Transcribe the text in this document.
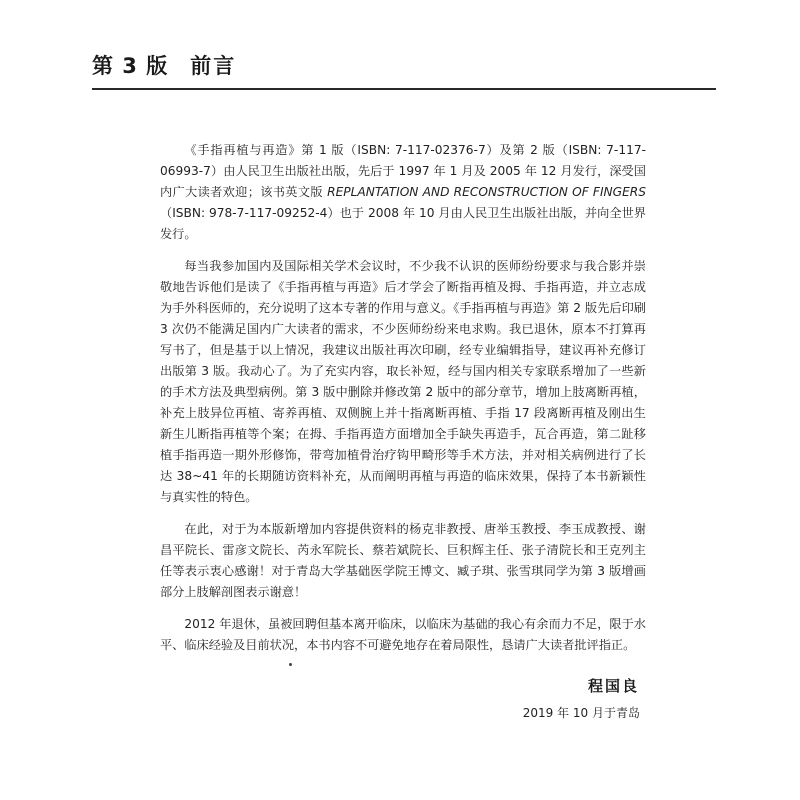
第 3 版 前言

《手指再植与再造》第 1 版（ISBN: 7-117-02376-7）及第 2 版（ISBN: 7-117-06993-7）由人民卫生出版社出版，先后于 1997 年 1 月及 2005 年 12 月发行，深受国内广大读者欢迎；该书英文版 REPLANTATION AND RECONSTRUCTION OF FINGERS（ISBN: 978-7-117-09252-4）也于 2008 年 10 月由人民卫生出版社出版，并向全世界发行。

每当我参加国内及国际相关学术会议时，不少我不认识的医师纷纷要求与我合影并崇敬地告诉他们是读了《手指再植与再造》后才学会了断指再植及拇、手指再造，并立志成为手外科医师的，充分说明了这本专著的作用与意义。《手指再植与再造》第 2 版先后印刷 3 次仍不能满足国内广大读者的需求，不少医师纷纷来电求购。我已退休，原本不打算再写书了，但是基于以上情况，我建议出版社再次印刷，经专业编辑指导，建议再补充修订出版第 3 版。我动心了。为了充实内容，取长补短，经与国内相关专家联系增加了一些新的手术方法及典型病例。第 3 版中删除并修改第 2 版中的部分章节，增加上肢离断再植，补充上肢异位再植、寄养再植、双侧腕上并十指离断再植、手指 17 段离断再植及刚出生新生儿断指再植等个案；在拇、手指再造方面增加全手缺失再造手，瓦合再造，第二趾移植手指再造一期外形修饰，带弯加植骨治疗钩甲畸形等手术方法，并对相关病例进行了长达 38~41 年的长期随访资料补充，从而阐明再植与再造的临床效果，保持了本书新颖性与真实性的特色。

在此，对于为本版新增加内容提供资料的杨克非教授、唐举玉教授、李玉成教授、谢昌平院长、雷彦文院长、芮永军院长、蔡若斌院长、巨积辉主任、张子清院长和王克列主任等表示衷心感谢！对于青岛大学基础医学院王博文、臧子琪、张雪琪同学为第 3 版增画部分上肢解剖图表示谢意！

2012 年退休，虽被回聘但基本离开临床，以临床为基础的我心有余而力不足，限于水平、临床经验及目前状况，本书内容不可避免地存在着局限性，恳请广大读者批评指正。

程国良
2019 年 10 月于青岛
